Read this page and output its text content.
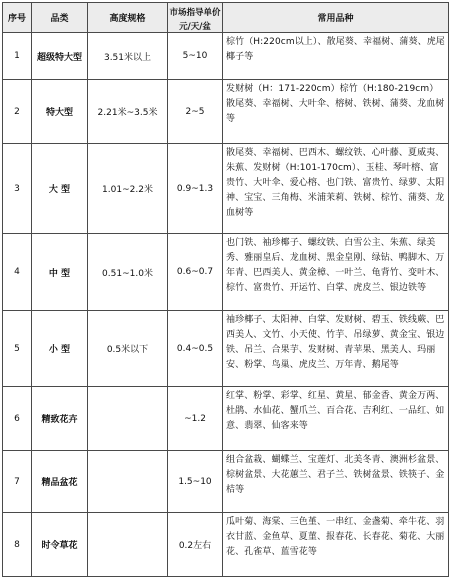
序号	品类	高度规格	市场指导单价	常用品种
			元/天/盆	
1	超级特大型	3.51米以上	5~10	棕竹（H:220cm以上）、散尾葵、幸福树、蒲葵、虎尾椰子等
2	特大型	2.21米~3.5米	2~5	发财树（H：171-220cm）棕竹（H:180-219cm）散尾葵、幸福树、大叶伞、榕树、铁树、蒲葵、龙血树等
3	大 型	1.01~2.2米	0.9~1.3	散尾葵、幸福树、巴西木、螺纹铁、心叶藤、夏威夷、朱蕉、发财树（H:101-170cm）、玉桂、琴叶榕、富贵竹、大叶伞、爱心榕、也门铁、富贵竹、绿萝、太阳神、宝宝、三角梅、米浦茉莉、铁树、棕竹、蒲葵、龙血树等
4	中 型	0.51~1.0米	0.6~0.7	也门铁、袖珍椰子、螺纹铁、白雪公主、朱蕉、绿美秀、雅丽皇后、龙血树、黑金皇刚、绿钻、鸭脚木、万年青、巴西美人、黄金樟、一叶兰、龟背竹、变叶木、棕竹、富贵竹、开运竹、白掌、虎皮兰、银边铁等
5	小 型	0.5米以下	0.4~0.5	袖珍椰子、太阳神、白掌、发财树、碧玉、铁线蕨、巴西美人、文竹、小天使、竹芋、吊绿萝、黄金宝、银边铁、吊兰、合果芋、发财树、青苹果、黑美人、玛丽安、粉掌、鸟巢、虎皮兰、万年青、鹅尾等
6	精致花卉		~1.2	红掌、粉掌、彩掌、红星、黄星、郁金香、黄金万两、杜鹃、水仙花、蟹爪兰、百合花、吉利红、一品红、如意、翡翠、仙客来等
7	精品盆花		1.5~10	组合盆栽、蝴蝶兰、宝莲灯、北美冬青、澳洲杉盆景、棕树盆景、大花蕙兰、君子兰、铁树盆景、铁筷子、金桔等
8	时令草花		0.2左右	瓜叶菊、海棠、三色堇、一串红、金盏菊、牵牛花、羽衣甘蓝、金鱼草、夏菫、报春花、长春花、菊花、大丽花、孔雀草、蓝雪花等
